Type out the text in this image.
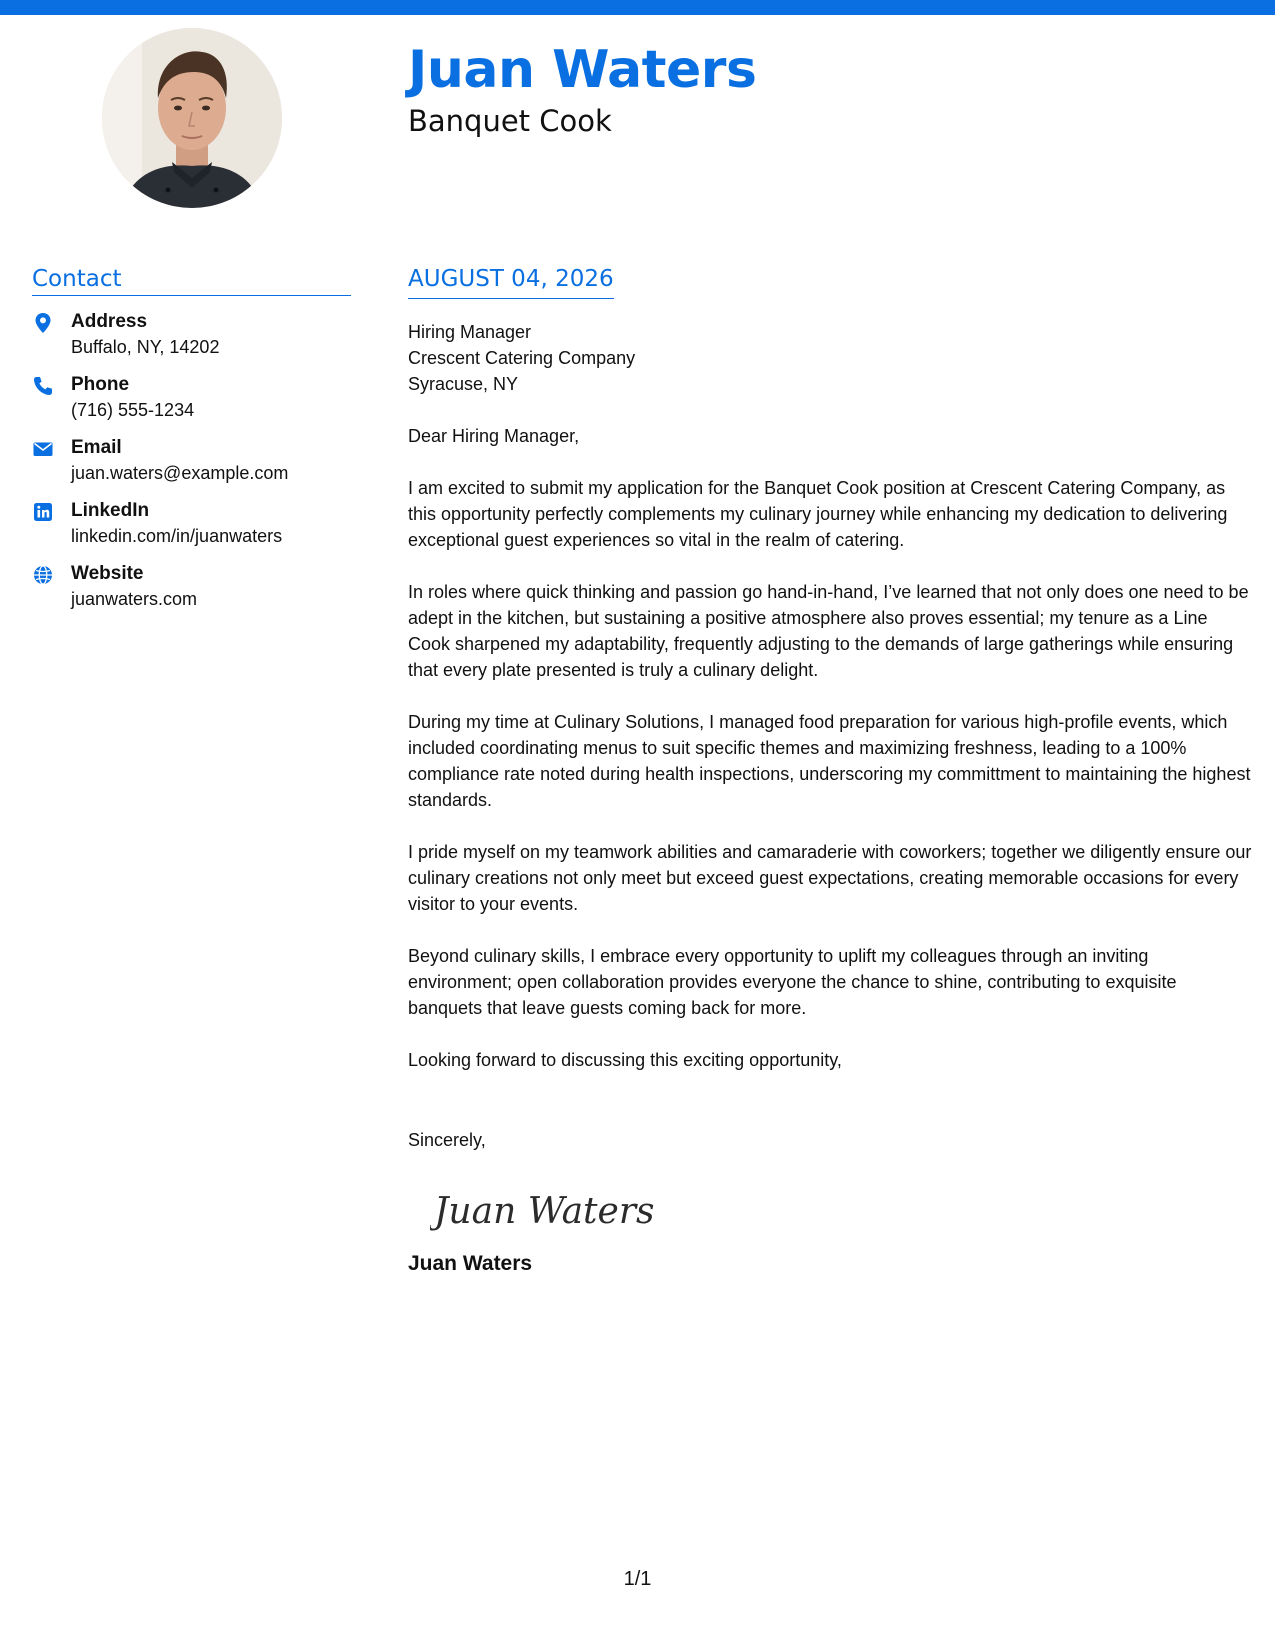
Juan Waters
Banquet Cook
Contact
Address
Buffalo, NY, 14202
Phone
(716) 555-1234
Email
juan.waters@example.com
LinkedIn
linkedin.com/in/juanwaters
Website
juanwaters.com
AUGUST 04, 2026
Hiring Manager
Crescent Catering Company
Syracuse, NY

Dear Hiring Manager,

I am excited to submit my application for the Banquet Cook position at Crescent Catering Company, as this opportunity perfectly complements my culinary journey while enhancing my dedication to delivering exceptional guest experiences so vital in the realm of catering.

In roles where quick thinking and passion go hand-in-hand, I’ve learned that not only does one need to be adept in the kitchen, but sustaining a positive atmosphere also proves essential; my tenure as a Line Cook sharpened my adaptability, frequently adjusting to the demands of large gatherings while ensuring that every plate presented is truly a culinary delight.

During my time at Culinary Solutions, I managed food preparation for various high-profile events, which included coordinating menus to suit specific themes and maximizing freshness, leading to a 100% compliance rate noted during health inspections, underscoring my committment to maintaining the highest standards.

I pride myself on my teamwork abilities and camaraderie with coworkers; together we diligently ensure our culinary creations not only meet but exceed guest expectations, creating memorable occasions for every visitor to your events.

Beyond culinary skills, I embrace every opportunity to uplift my colleagues through an inviting environment; open collaboration provides everyone the chance to shine, contributing to exquisite banquets that leave guests coming back for more.

Looking forward to discussing this exciting opportunity,

Sincerely,

Juan Waters

Juan Waters

1/1
